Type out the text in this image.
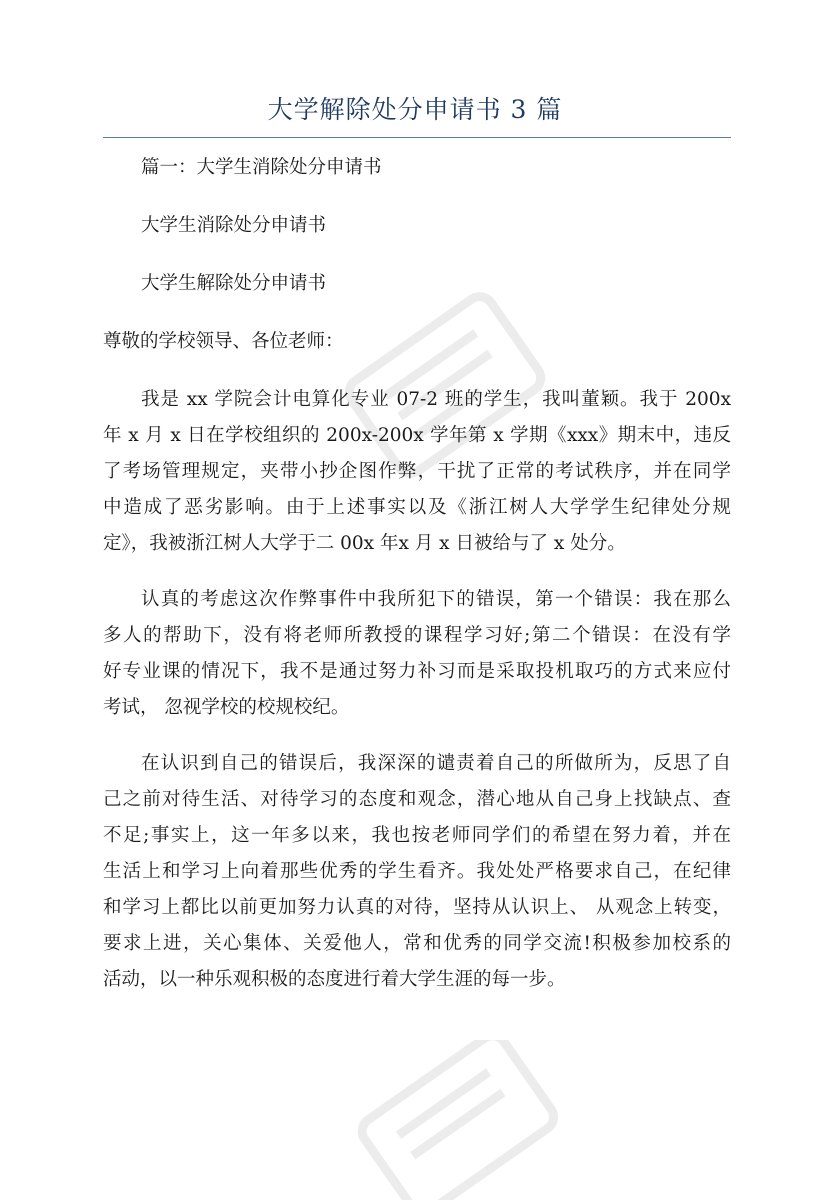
大学解除处分申请书 3 篇
篇一：大学生消除处分申请书
大学生消除处分申请书
大学生解除处分申请书
尊敬的学校领导、各位老师：
我是 xx 学院会计电算化专业 07-2 班的学生，我叫董颖。我于 200x
年 x 月 x 日在学校组织的 200x-200x 学年第 x 学期《xxx》期末中，违反
了考场管理规定，夹带小抄企图作弊，干扰了正常的考试秩序，并在同学
中造成了恶劣影响。由于上述事实以及《浙江树人大学学生纪律处分规
定》，我被浙江树人大学于二 00x 年x 月 x 日被给与了 x 处分。
认真的考虑这次作弊事件中我所犯下的错误，第一个错误：我在那么
多人的帮助下，没有将老师所教授的课程学习好;第二个错误：在没有学
好专业课的情况下，我不是通过努力补习而是采取投机取巧的方式来应付
考试， 忽视学校的校规校纪。
在认识到自己的错误后，我深深的谴责着自己的所做所为，反思了自
己之前对待生活、对待学习的态度和观念，潜心地从自己身上找缺点、查
不足;事实上，这一年多以来，我也按老师同学们的希望在努力着，并在
生活上和学习上向着那些优秀的学生看齐。我处处严格要求自己，在纪律
和学习上都比以前更加努力认真的对待，坚持从认识上、 从观念上转变，
要求上进，关心集体、关爱他人，常和优秀的同学交流!积极参加校系的
活动，以一种乐观积极的态度进行着大学生涯的每一步。
